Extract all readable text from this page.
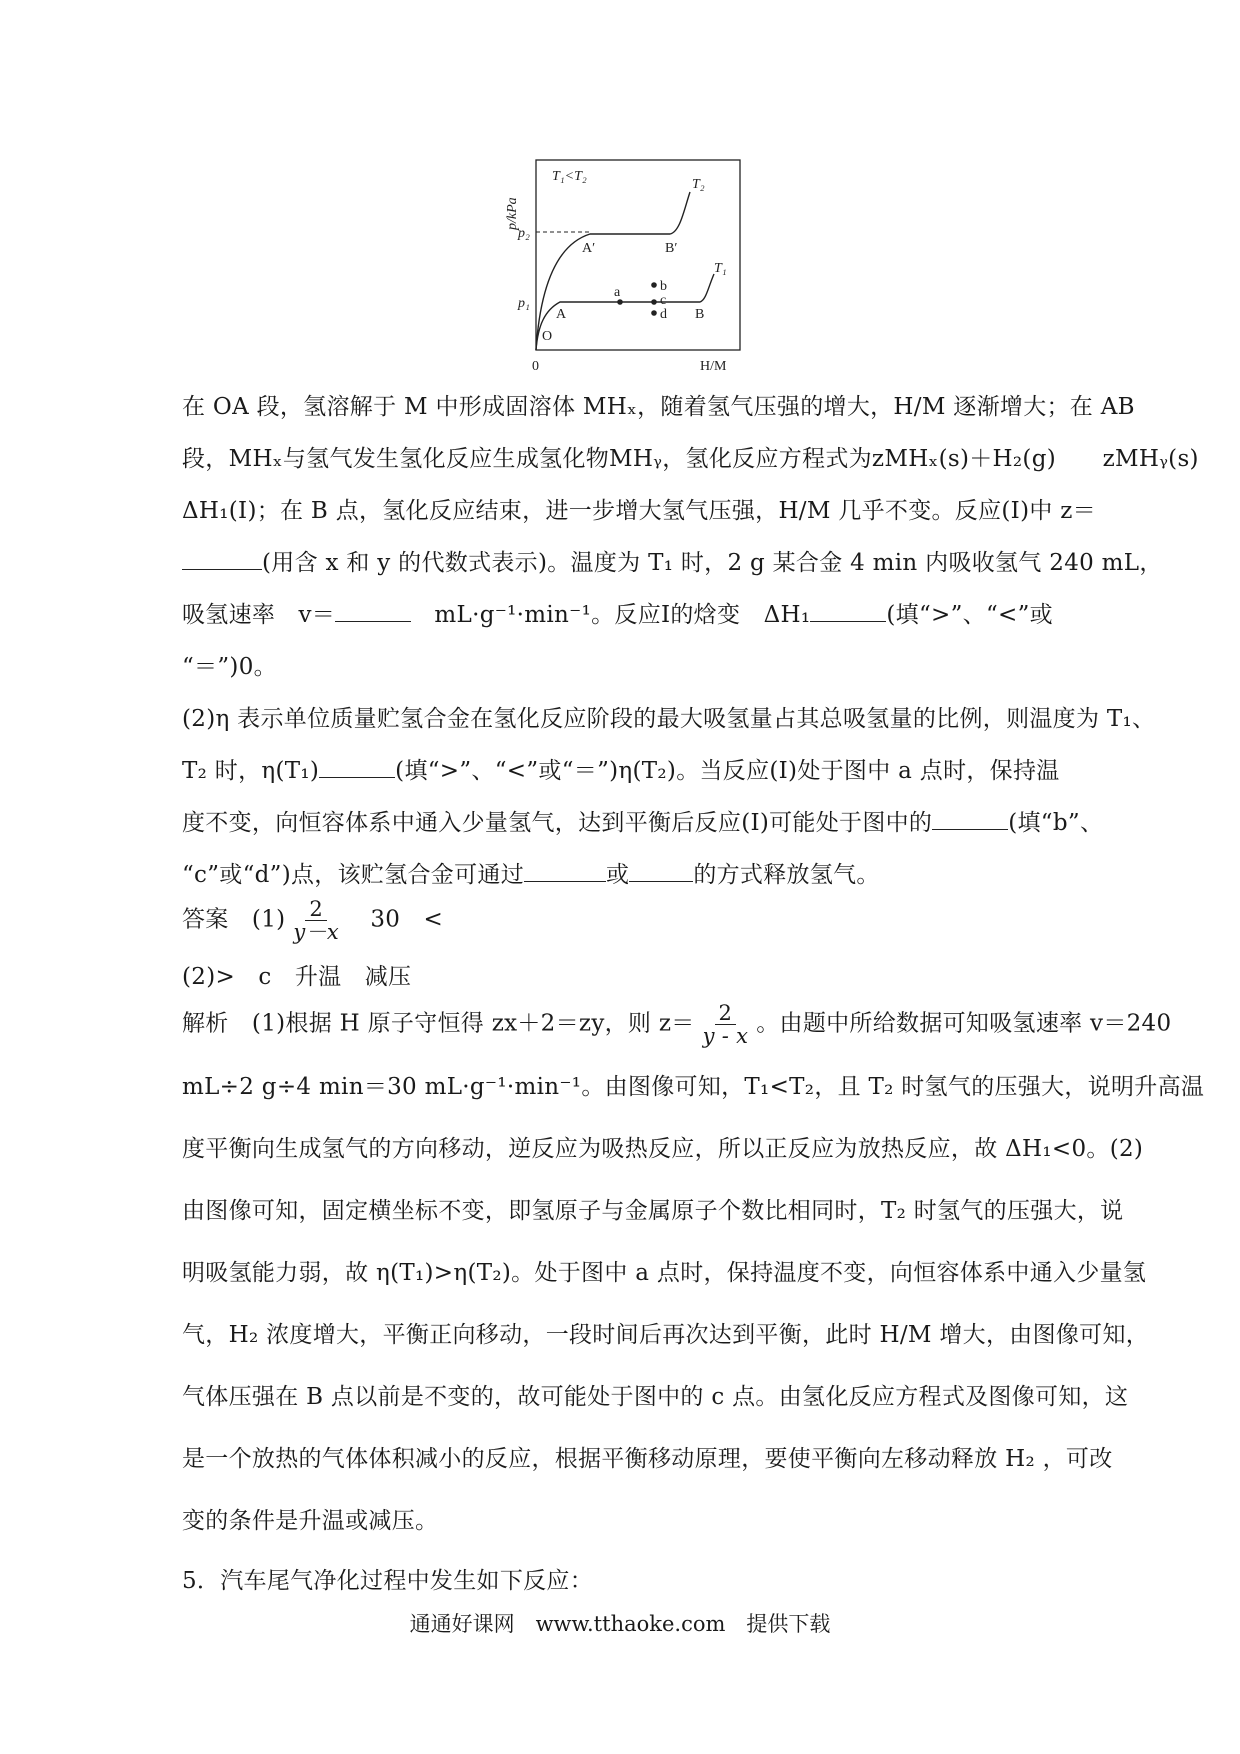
T₁<T₂
p/kPa
H/M
0
p₂
p₁
T₂
T₁
O
A	B
A′	B′
a	b
c
d
在 OA 段，氢溶解于 M 中形成固溶体 MHₓ，随着氢气压强的增大，H/M 逐渐增大；在 AB
段，MHₓ与氢气发生氢化反应生成氢化物MHᵧ，氢化反应方程式为zMHₓ(s)＋H₂(g)　　zMHᵧ(s)
ΔH₁(Ⅰ)；在 B 点，氢化反应结束，进一步增大氢气压强，H/M 几乎不变。反应(Ⅰ)中 z＝
(用含 x 和 y 的代数式表示)。温度为 T₁ 时，2 g 某合金 4 min 内吸收氢气 240 mL，
吸氢速率　v＝	　mL·g⁻¹·min⁻¹。反应Ⅰ的焓变　ΔH₁	(填“>”、“<”或
“＝”)0。
(2)η 表示单位质量贮氢合金在氢化反应阶段的最大吸氢量占其总吸氢量的比例，则温度为 T₁、
T₂ 时，η(T₁)	(填“>”、“<”或“＝”)η(T₂)。当反应(Ⅰ)处于图中 a 点时，保持温
度不变，向恒容体系中通入少量氢气，达到平衡后反应(Ⅰ)可能处于图中的	(填“b”、
“c”或“d”)点，该贮氢合金可通过	或	的方式释放氢气。
答案　 $(1) \frac{2}{y-x}$
　 30　<
(2)>　c　升温　减压
解析　 (1)根据 H 原子守恒得 zx＋2＝zy，则 $z= \frac{2}{y - x}$ 。由题中所给数据可知吸氢速率 v＝240
mL÷2 g÷4 min＝30 mL·g⁻¹·min⁻¹。由图像可知，T₁<T₂，且 T₂ 时氢气的压强大，说明升高温
度平衡向生成氢气的方向移动，逆反应为吸热反应，所以正反应为放热反应，故 ΔH₁<0。(2)
由图像可知，固定横坐标不变，即氢原子与金属原子个数比相同时，T₂ 时氢气的压强大，说
明吸氢能力弱，故 η(T₁)>η(T₂)。处于图中 a 点时，保持温度不变，向恒容体系中通入少量氢
气，H₂ 浓度增大，平衡正向移动，一段时间后再次达到平衡，此时 H/M 增大，由图像可知，
气体压强在 B 点以前是不变的，故可能处于图中的 c 点。由氢化反应方程式及图像可知，这
是一个放热的气体体积减小的反应，根据平衡移动原理，要使平衡向左移动释放 H₂ ，可改
变的条件是升温或减压。
5．汽车尾气净化过程中发生如下反应：
通通好课网　www.tthaoke.com　提供下载
